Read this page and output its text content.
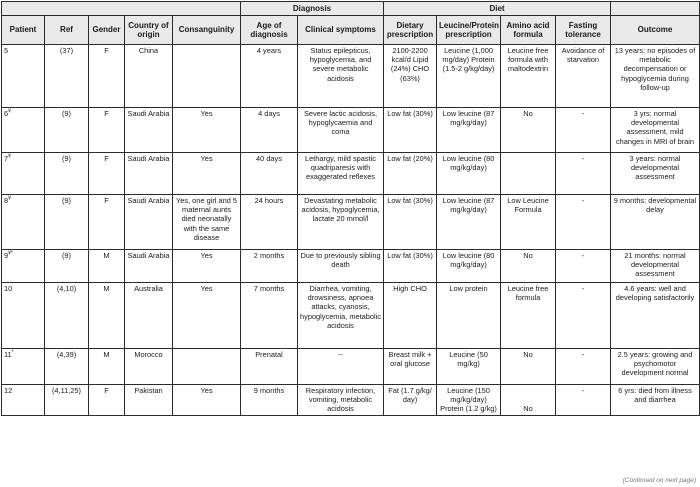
					Diagnosis		Diet				
Patient	Ref	Gender	Country of origin	Consanguinity	Age of diagnosis	Clinical symptoms	Dietary prescription	Leucine/Protein prescription	Amino acid formula	Fasting tolerance	Outcome
5	(37)	F	China		4 years	Status epilepticus, hypoglycemia, and severe metabolic acidosis	2100-2200 kcal/d Lipid (24%) CHO (63%)	Leucine (1,000 mg/day) Protein (1.5-2 g/kg/day)	Leucine free formula with maltodextrin	Avoidance of starvation	13 years: no episodes of metabolic decompensation or hypoglycemia during follow-up
6¥	(9)	F	Saudi Arabia	Yes	4 days	Severe lactic acidosis, hypoglycaemia and coma	Low fat (30%)	Low leucine (87 mg/kg/day)	No	-	3 yrs: normal developmental assessment, mild changes in MRI of brain
7¥	(9)	F	Saudi Arabia	Yes	40 days	Lethargy, mild spastic quadriparesis with exaggerated reflexes	Low fat (20%)	Low leucine (80 mg/kg/day)		-	3 years: normal developmental assessment
8¥	(9)	F	Saudi Arabia	Yes, one girl and 5 maternal aunts died neonatally with the same disease	24 hours	Devastating metabolic acidosis, hypoglycemia, lactate 20 mmol/l	Low fat (30%)	Low leucine (87 mg/kg/day)	Low Leucine Formula	-	9 months: developmental delay
9¥*	(9)	M	Saudi Arabia	Yes	2 months	Due to previously sibling death	Low fat (30%)	Low leucine (80 mg/kg/day)	No	-	21 months: normal developmental assessment
10	(4,10)	M	Australia	Yes	7 months	Diarrhea, vomiting, drowsiness, apnoea attacks, cyanosis, hypoglycemia, metabolic acidosis	High CHO	Low protein	Leucine free formula	-	4.6 years: well and developing satisfactorily
11*	(4,39)	M	Morocco		Prenatal	--	Breast milk + oral glucose	Leucine (50 mg/kg)	No	-	2.5 years: growing and psychomotor development normal
12	(4,11,25)	F	Pakistan	Yes	9 months	Respiratory infection, vomiting, metabolic acidosis	Fat (1.7 g/kg/ day)	Leucine (150 mg/kg/day) Protein (1.2 g/kg)	No	-	6 yrs: died from illness and diarrhea
(Continued on next page)
